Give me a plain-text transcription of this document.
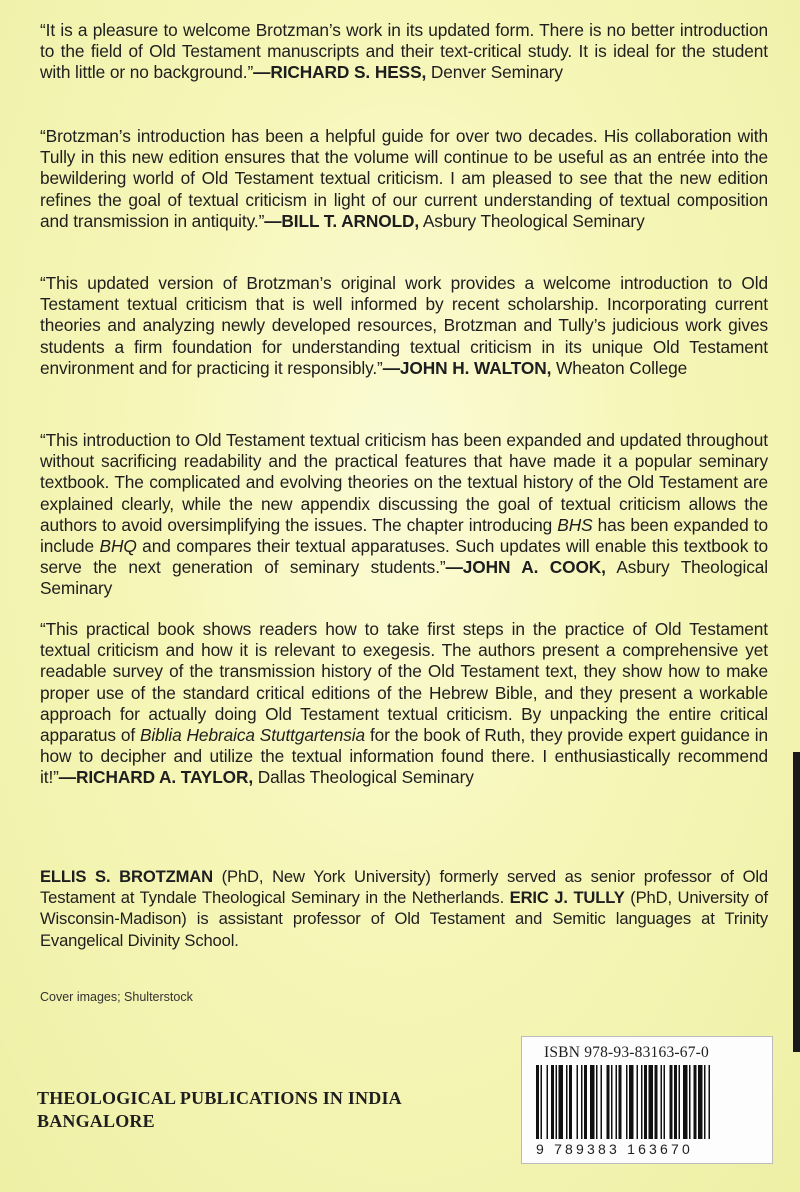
“It is a pleasure to welcome Brotzman’s work in its updated form. There is no better introduction to the field of Old Testament manuscripts and their text-critical study. It is ideal for the student with little or no background.”—RICHARD S. HESS, Denver Seminary
“Brotzman’s introduction has been a helpful guide for over two decades. His collaboration with Tully in this new edition ensures that the volume will continue to be useful as an entrée into the bewildering world of Old Testament textual criticism. I am pleased to see that the new edition refines the goal of textual criticism in light of our current understanding of textual composition and transmission in antiquity.”—BILL T. ARNOLD, Asbury Theological Seminary
“This updated version of Brotzman’s original work provides a welcome introduction to Old Testament textual criticism that is well informed by recent scholarship. Incorporating current theories and analyzing newly developed resources, Brotzman and Tully’s judicious work gives students a firm foundation for understanding textual criticism in its unique Old Testament environment and for practicing it responsibly.”—JOHN H. WALTON, Wheaton College
“This introduction to Old Testament textual criticism has been expanded and updated throughout without sacrificing readability and the practical features that have made it a popular seminary textbook. The complicated and evolving theories on the textual history of the Old Testament are explained clearly, while the new appendix discussing the goal of textual criticism allows the authors to avoid oversimplifying the issues. The chapter introducing BHS has been expanded to include BHQ and compares their textual apparatuses. Such updates will enable this textbook to serve the next generation of seminary students.”—JOHN A. COOK, Asbury Theological Seminary
“This practical book shows readers how to take first steps in the practice of Old Testament textual criticism and how it is relevant to exegesis. The authors present a comprehensive yet readable survey of the transmission history of the Old Testament text, they show how to make proper use of the standard critical editions of the Hebrew Bible, and they present a workable approach for actually doing Old Testament textual criticism. By unpacking the entire critical apparatus of Biblia Hebraica Stuttgartensia for the book of Ruth, they provide expert guidance in how to decipher and utilize the textual information found there. I enthusiastically recommend it!”—RICHARD A. TAYLOR, Dallas Theological Seminary
ELLIS S. BROTZMAN (PhD, New York University) formerly served as senior professor of Old Testament at Tyndale Theological Seminary in the Netherlands. ERIC J. TULLY (PhD, University of Wisconsin-Madison) is assistant professor of Old Testament and Semitic languages at Trinity Evangelical Divinity School.
Cover images; Shulterstock
THEOLOGICAL PUBLICATIONS IN INDIA
BANGALORE
ISBN 978-93-83163-67-0
9 789383 163670
